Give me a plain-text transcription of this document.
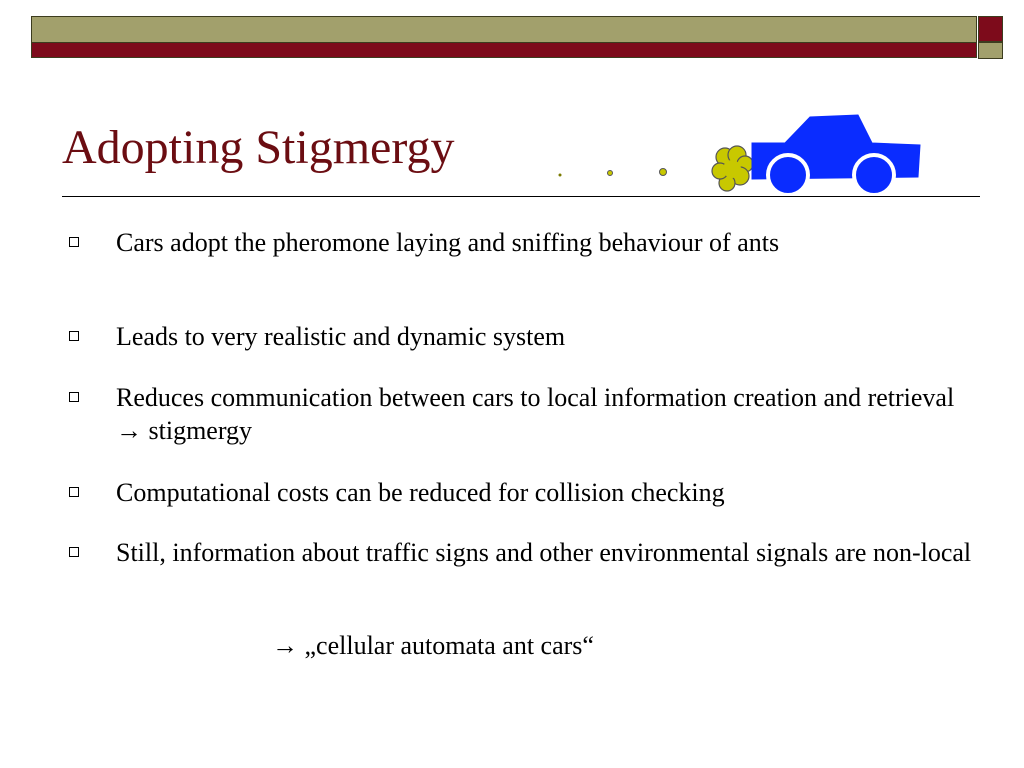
Adopting Stigmergy
Cars adopt the pheromone laying and sniffing behaviour of ants
Leads to very realistic and dynamic system
Reduces communication between cars to local information creation and retrieval → stigmergy
Computational costs can be reduced for collision checking
Still, information about traffic signs and other environmental signals are non-local
→ „cellular automata ant cars“
